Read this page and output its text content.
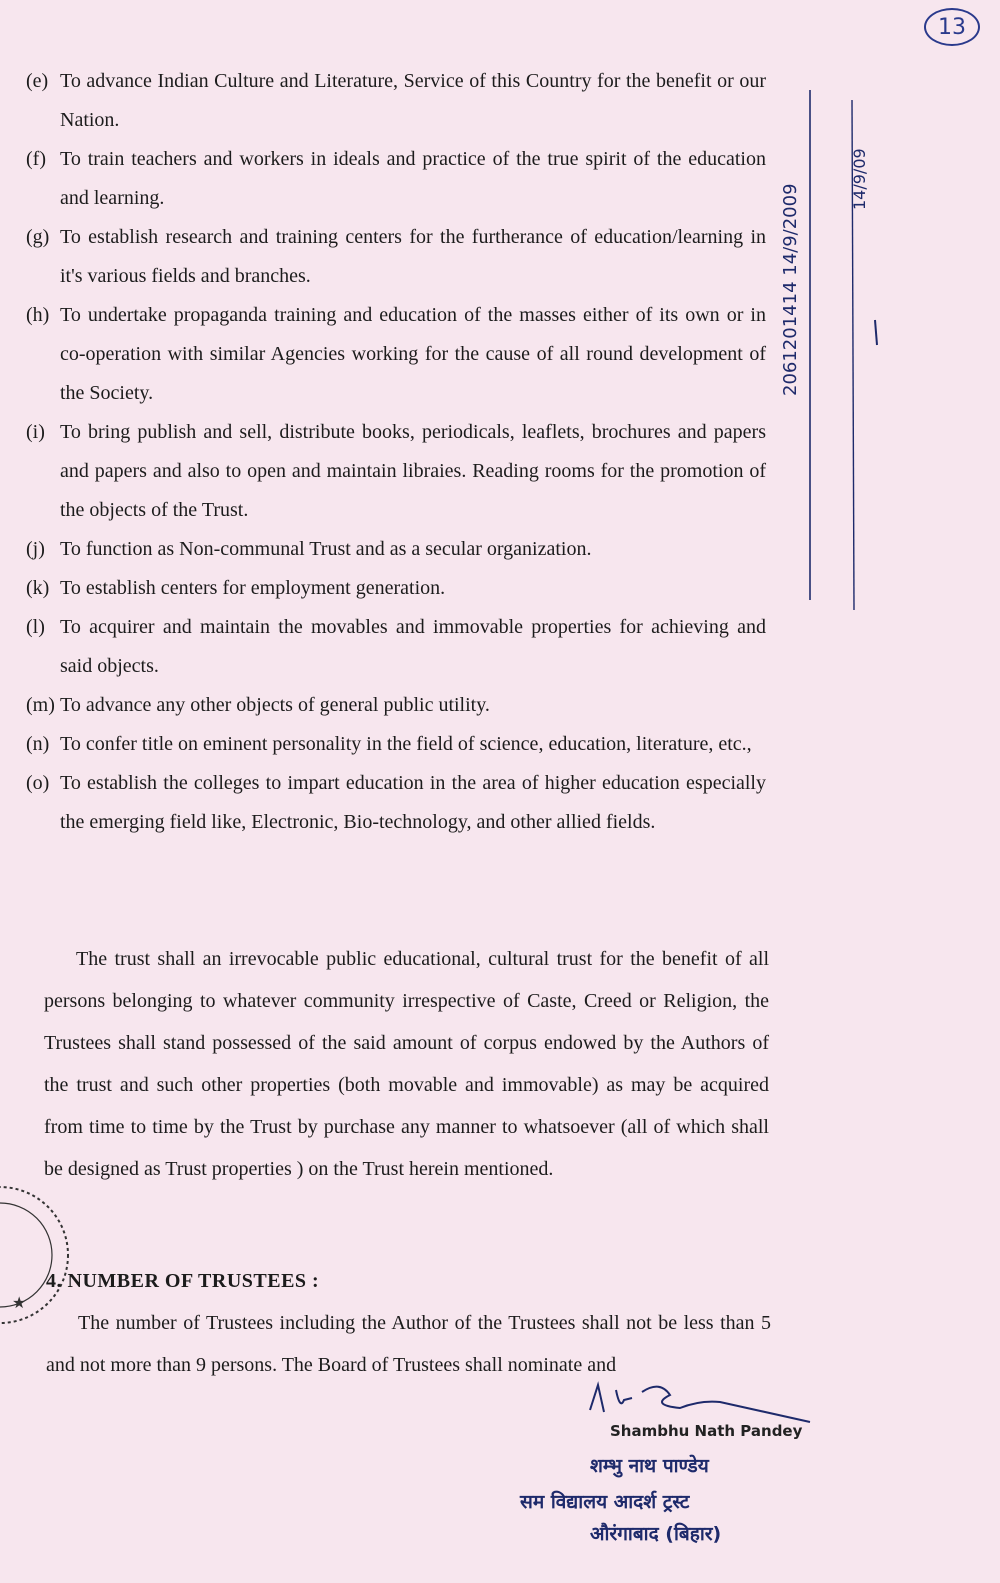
13
(e) To advance Indian Culture and Literature, Service of this Country for the benefit or our Nation.
(f) To train teachers and workers in ideals and practice of the true spirit of the education and learning.
(g) To establish research and training centers for the furtherance of education/learning in it's various fields and branches.
(h) To undertake propaganda training and education of the masses either of its own or in co-operation with similar Agencies working for the cause of all round development of the Society.
(i) To bring publish and sell, distribute books, periodicals, leaflets, brochures and papers and papers and also to open and maintain libraies. Reading rooms for the promotion of the objects of the Trust.
(j) To function as Non-communal Trust and as a secular organization.
(k) To establish centers for employment generation.
(l) To acquirer and maintain the movables and immovable properties for achieving and said objects.
(m) To advance any other objects of general public utility.
(n) To confer title on eminent personality in the field of science, education, literature, etc.,
(o) To establish the colleges to impart education in the area of higher education especially the emerging field like, Electronic, Bio-technology, and other allied fields.
2061201414 14/9/2009
14/9/09
The trust shall an irrevocable public educational, cultural trust for the benefit of all persons belonging to whatever community irrespective of Caste, Creed or Religion, the Trustees shall stand possessed of the said amount of corpus endowed by the Authors of the trust and such other properties (both movable and immovable) as may be acquired from time to time by the Trust by purchase any manner to whatsoever (all of which shall be designed as Trust properties ) on the Trust herein mentioned.
★
4. NUMBER OF TRUSTEES :
The number of Trustees including the Author of the Trustees shall not be less than 5 and not more than 9 persons. The Board of Trustees shall nominate and
Shambhu Nath Pandey
शम्भु नाथ पाण्डेय
सम विद्यालय आदर्श ट्रस्ट
औरंगाबाद (बिहार)
